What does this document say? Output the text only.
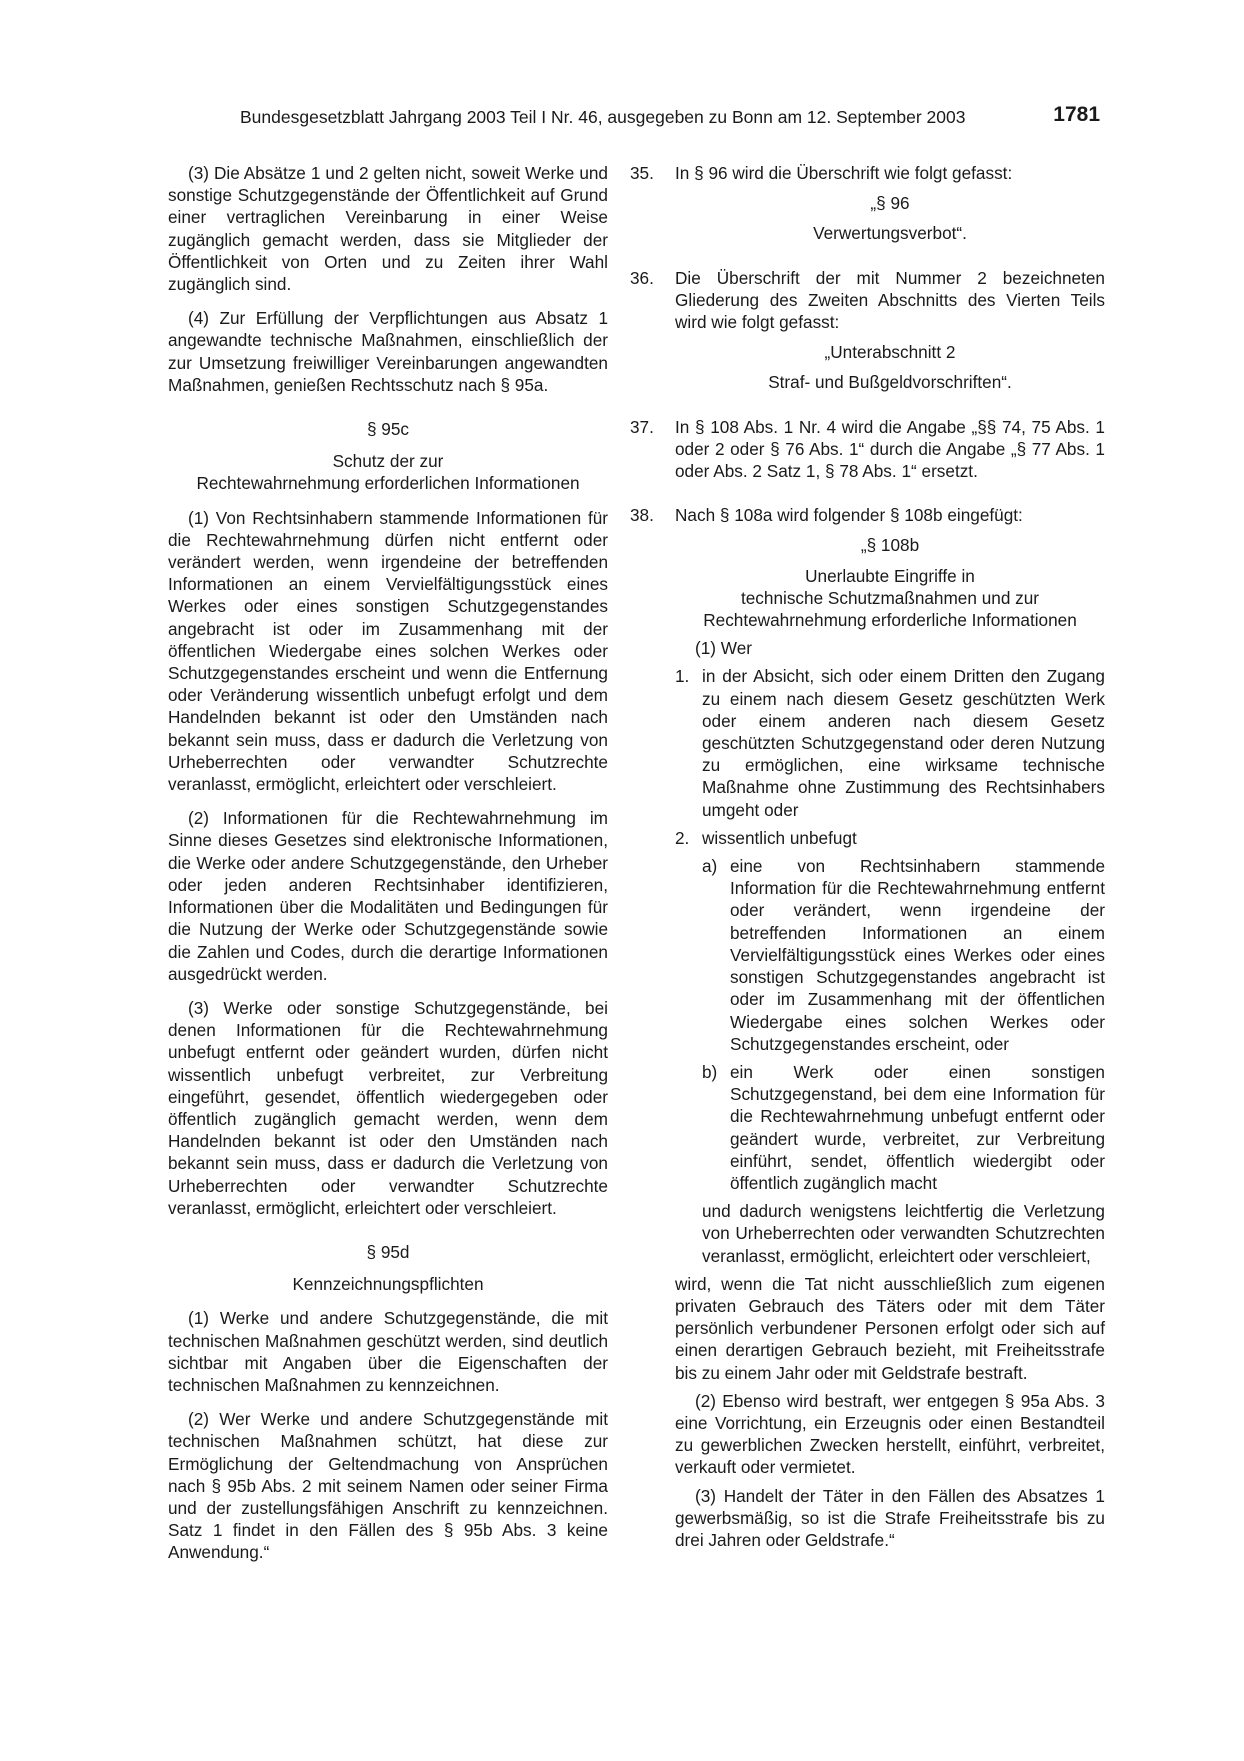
Bundesgesetzblatt Jahrgang 2003 Teil I Nr. 46, ausgegeben zu Bonn am 12. September 2003	1781

(3) Die Absätze 1 und 2 gelten nicht, soweit Werke und sonstige Schutzgegenstände der Öffentlichkeit auf Grund einer vertraglichen Vereinbarung in einer Weise zugänglich gemacht werden, dass sie Mitglieder der Öffentlichkeit von Orten und zu Zeiten ihrer Wahl zugänglich sind.

(4) Zur Erfüllung der Verpflichtungen aus Absatz 1 angewandte technische Maßnahmen, einschließlich der zur Umsetzung freiwilliger Vereinbarungen angewandten Maßnahmen, genießen Rechtsschutz nach § 95a.

§ 95c

Schutz der zur

Rechtewahrnehmung erforderlichen Informationen

(1) Von Rechtsinhabern stammende Informationen für die Rechtewahrnehmung dürfen nicht entfernt oder verändert werden, wenn irgendeine der betreffenden Informationen an einem Vervielfältigungsstück eines Werkes oder eines sonstigen Schutzgegenstandes angebracht ist oder im Zusammenhang mit der öffentlichen Wiedergabe eines solchen Werkes oder Schutzgegenstandes erscheint und wenn die Entfernung oder Veränderung wissentlich unbefugt erfolgt und dem Handelnden bekannt ist oder den Umständen nach bekannt sein muss, dass er dadurch die Verletzung von Urheberrechten oder verwandter Schutzrechte veranlasst, ermöglicht, erleichtert oder verschleiert.

(2) Informationen für die Rechtewahrnehmung im Sinne dieses Gesetzes sind elektronische Informationen, die Werke oder andere Schutzgegenstände, den Urheber oder jeden anderen Rechtsinhaber identifizieren, Informationen über die Modalitäten und Bedingungen für die Nutzung der Werke oder Schutzgegenstände sowie die Zahlen und Codes, durch die derartige Informationen ausgedrückt werden.

(3) Werke oder sonstige Schutzgegenstände, bei denen Informationen für die Rechtewahrnehmung unbefugt entfernt oder geändert wurden, dürfen nicht wissentlich unbefugt verbreitet, zur Verbreitung eingeführt, gesendet, öffentlich wiedergegeben oder öffentlich zugänglich gemacht werden, wenn dem Handelnden bekannt ist oder den Umständen nach bekannt sein muss, dass er dadurch die Verletzung von Urheberrechten oder verwandter Schutzrechte veranlasst, ermöglicht, erleichtert oder verschleiert.

§ 95d

Kennzeichnungspflichten

(1) Werke und andere Schutzgegenstände, die mit technischen Maßnahmen geschützt werden, sind deutlich sichtbar mit Angaben über die Eigenschaften der technischen Maßnahmen zu kennzeichnen.

(2) Wer Werke und andere Schutzgegenstände mit technischen Maßnahmen schützt, hat diese zur Ermöglichung der Geltendmachung von Ansprüchen nach § 95b Abs. 2 mit seinem Namen oder seiner Firma und der zustellungsfähigen Anschrift zu kennzeichnen. Satz 1 findet in den Fällen des § 95b Abs. 3 keine Anwendung.“

35. In § 96 wird die Überschrift wie folgt gefasst:

„§ 96

Verwertungsverbot“.

36. Die Überschrift der mit Nummer 2 bezeichneten Gliederung des Zweiten Abschnitts des Vierten Teils wird wie folgt gefasst:

„Unterabschnitt 2

Straf- und Bußgeldvorschriften“.

37. In § 108 Abs. 1 Nr. 4 wird die Angabe „§§ 74, 75 Abs. 1 oder 2 oder § 76 Abs. 1“ durch die Angabe „§ 77 Abs. 1 oder Abs. 2 Satz 1, § 78 Abs. 1“ ersetzt.

38. Nach § 108a wird folgender § 108b eingefügt:

„§ 108b

Unerlaubte Eingriffe in

technische Schutzmaßnahmen und zur

Rechtewahrnehmung erforderliche Informationen

(1) Wer

1. in der Absicht, sich oder einem Dritten den Zugang zu einem nach diesem Gesetz geschützten Werk oder einem anderen nach diesem Gesetz geschützten Schutzgegenstand oder deren Nutzung zu ermöglichen, eine wirksame technische Maßnahme ohne Zustimmung des Rechtsinhabers umgeht oder

2. wissentlich unbefugt

a) eine von Rechtsinhabern stammende Information für die Rechtewahrnehmung entfernt oder verändert, wenn irgendeine der betreffenden Informationen an einem Vervielfältigungsstück eines Werkes oder eines sonstigen Schutzgegenstandes angebracht ist oder im Zusammenhang mit der öffentlichen Wiedergabe eines solchen Werkes oder Schutzgegenstandes erscheint, oder

b) ein Werk oder einen sonstigen Schutzgegenstand, bei dem eine Information für die Rechtewahrnehmung unbefugt entfernt oder geändert wurde, verbreitet, zur Verbreitung einführt, sendet, öffentlich wiedergibt oder öffentlich zugänglich macht

und dadurch wenigstens leichtfertig die Verletzung von Urheberrechten oder verwandten Schutzrechten veranlasst, ermöglicht, erleichtert oder verschleiert,

wird, wenn die Tat nicht ausschließlich zum eigenen privaten Gebrauch des Täters oder mit dem Täter persönlich verbundener Personen erfolgt oder sich auf einen derartigen Gebrauch bezieht, mit Freiheitsstrafe bis zu einem Jahr oder mit Geldstrafe bestraft.

(2) Ebenso wird bestraft, wer entgegen § 95a Abs. 3 eine Vorrichtung, ein Erzeugnis oder einen Bestandteil zu gewerblichen Zwecken herstellt, einführt, verbreitet, verkauft oder vermietet.

(3) Handelt der Täter in den Fällen des Absatzes 1 gewerbsmäßig, so ist die Strafe Freiheitsstrafe bis zu drei Jahren oder Geldstrafe.“
